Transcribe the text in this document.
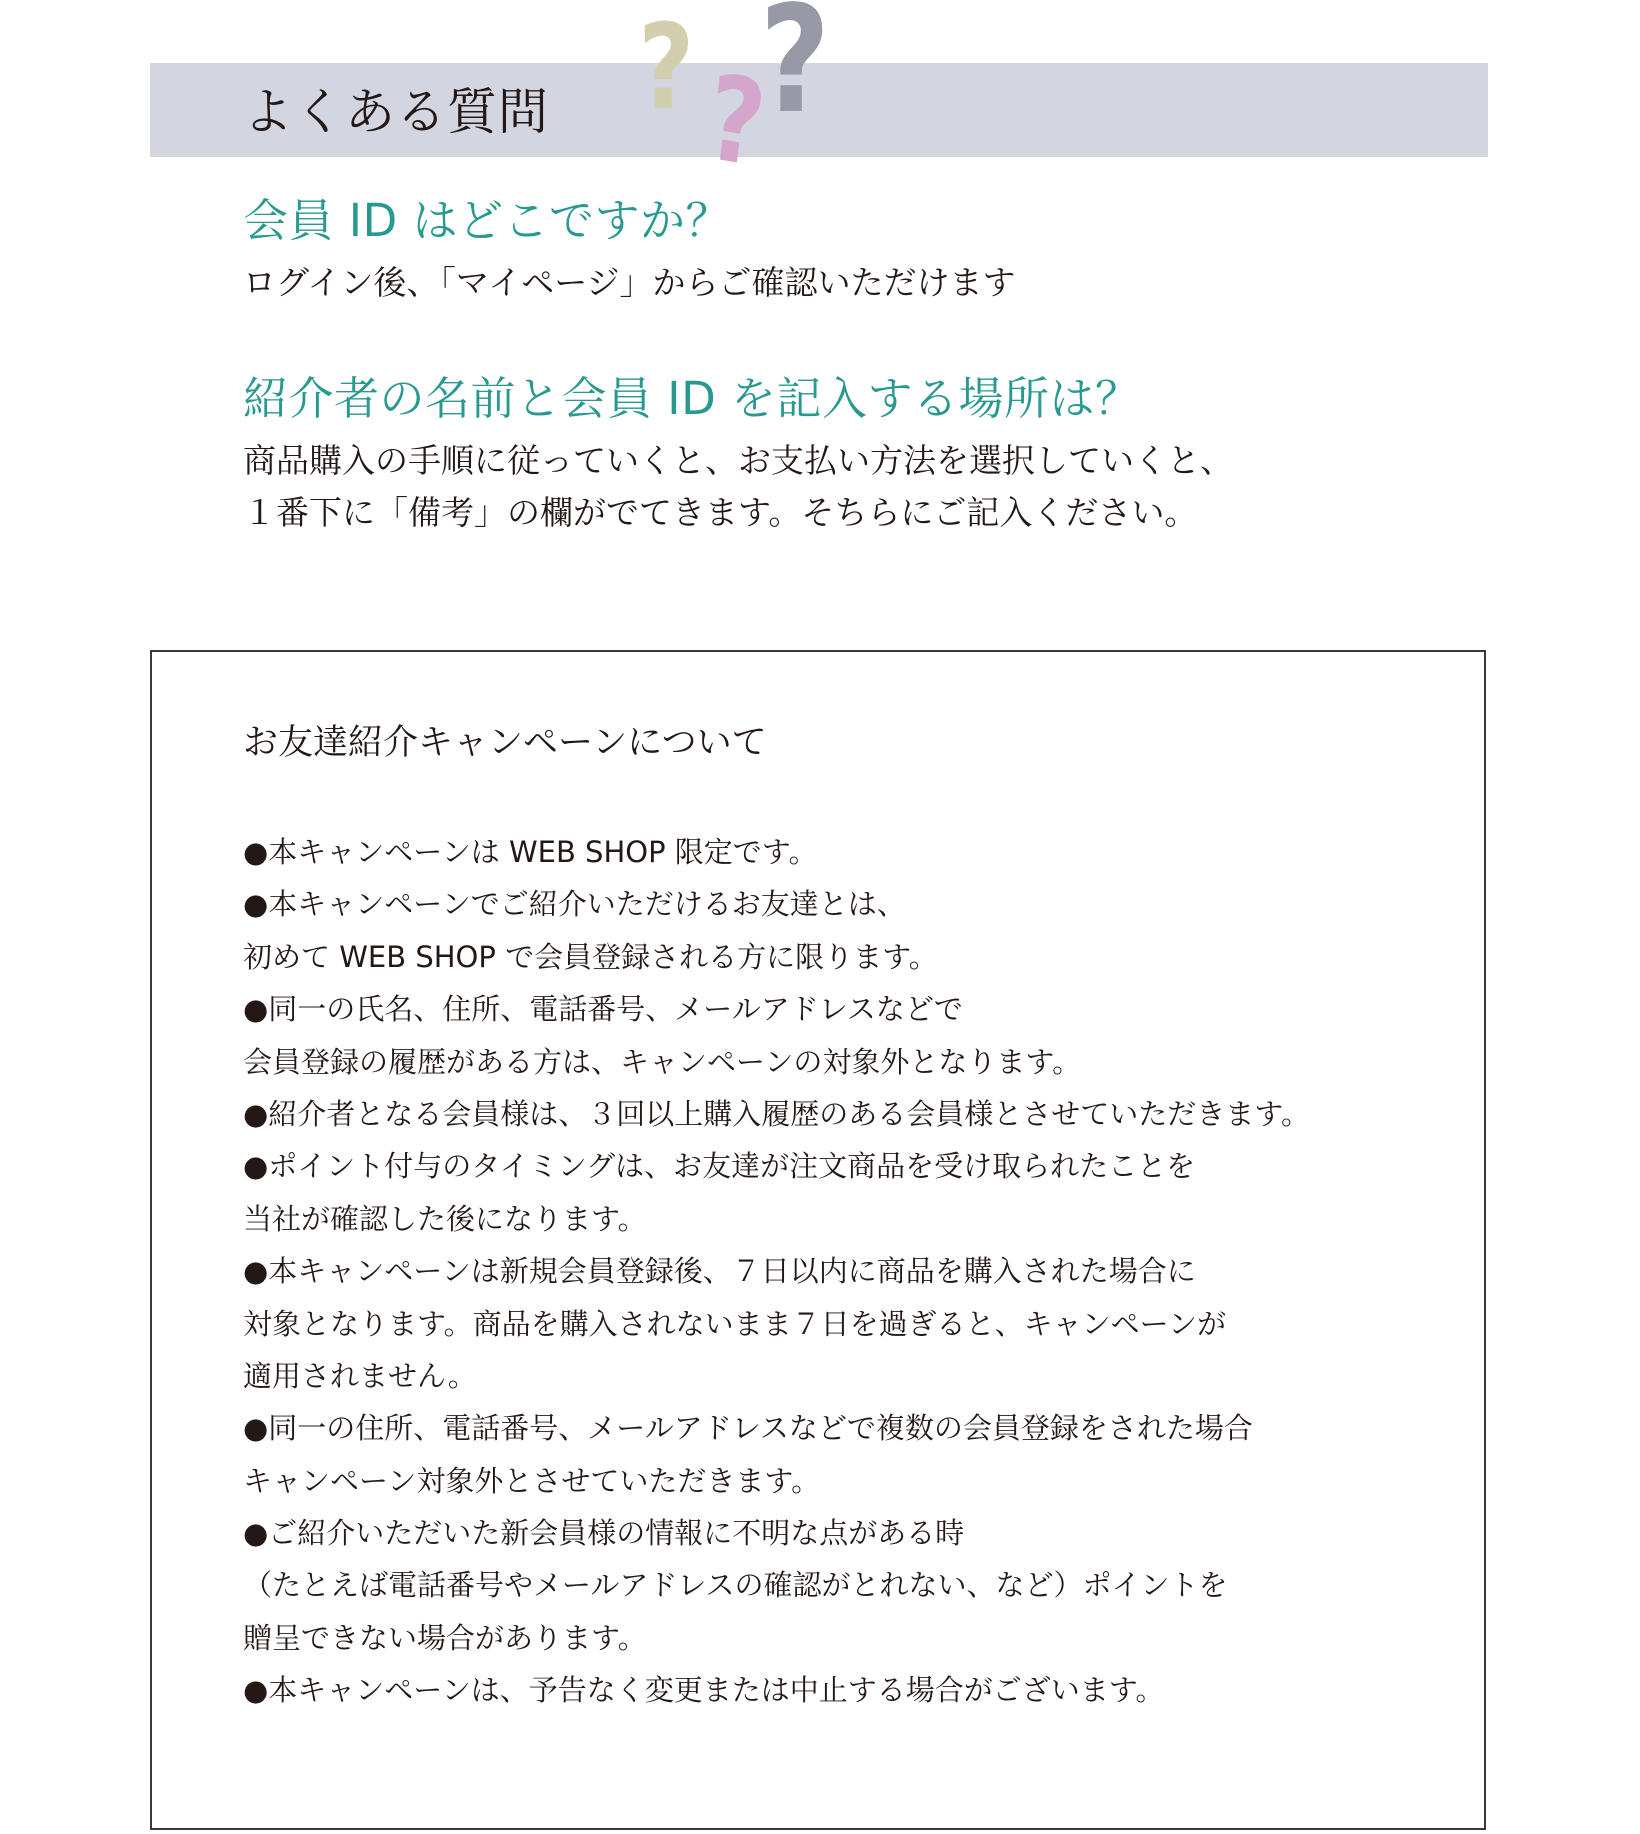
よくある質問 ? ?
?
会員 ID はどこですか？

ログイン後、「マイページ」からご確認いただけます

紹介者の名前と会員 ID を記入する場所は？

商品購入の手順に従っていくと、お支払い方法を選択していくと、

１番下に「備考」の欄がでてきます。そちらにご記入ください。

お友達紹介キャンペーンについて
●本キャンペーンは WEB SHOP 限定です。
●本キャンペーンでご紹介いただけるお友達とは、
初めて WEB SHOP で会員登録される方に限ります。
●同一の氏名、住所、電話番号、メールアドレスなどで
会員登録の履歴がある方は、キャンペーンの対象外となります。
●紹介者となる会員様は、３回以上購入履歴のある会員様とさせていただきます。
●ポイント付与のタイミングは、お友達が注文商品を受け取られたことを
当社が確認した後になります。
●本キャンペーンは新規会員登録後、７日以内に商品を購入された場合に
対象となります。商品を購入されないまま７日を過ぎると、キャンペーンが
適用されません。
●同一の住所、電話番号、メールアドレスなどで複数の会員登録をされた場合
キャンペーン対象外とさせていただきます。
●ご紹介いただいた新会員様の情報に不明な点がある時
（たとえば電話番号やメールアドレスの確認がとれない、など）ポイントを
贈呈できない場合があります。
●本キャンペーンは、予告なく変更または中止する場合がございます。
